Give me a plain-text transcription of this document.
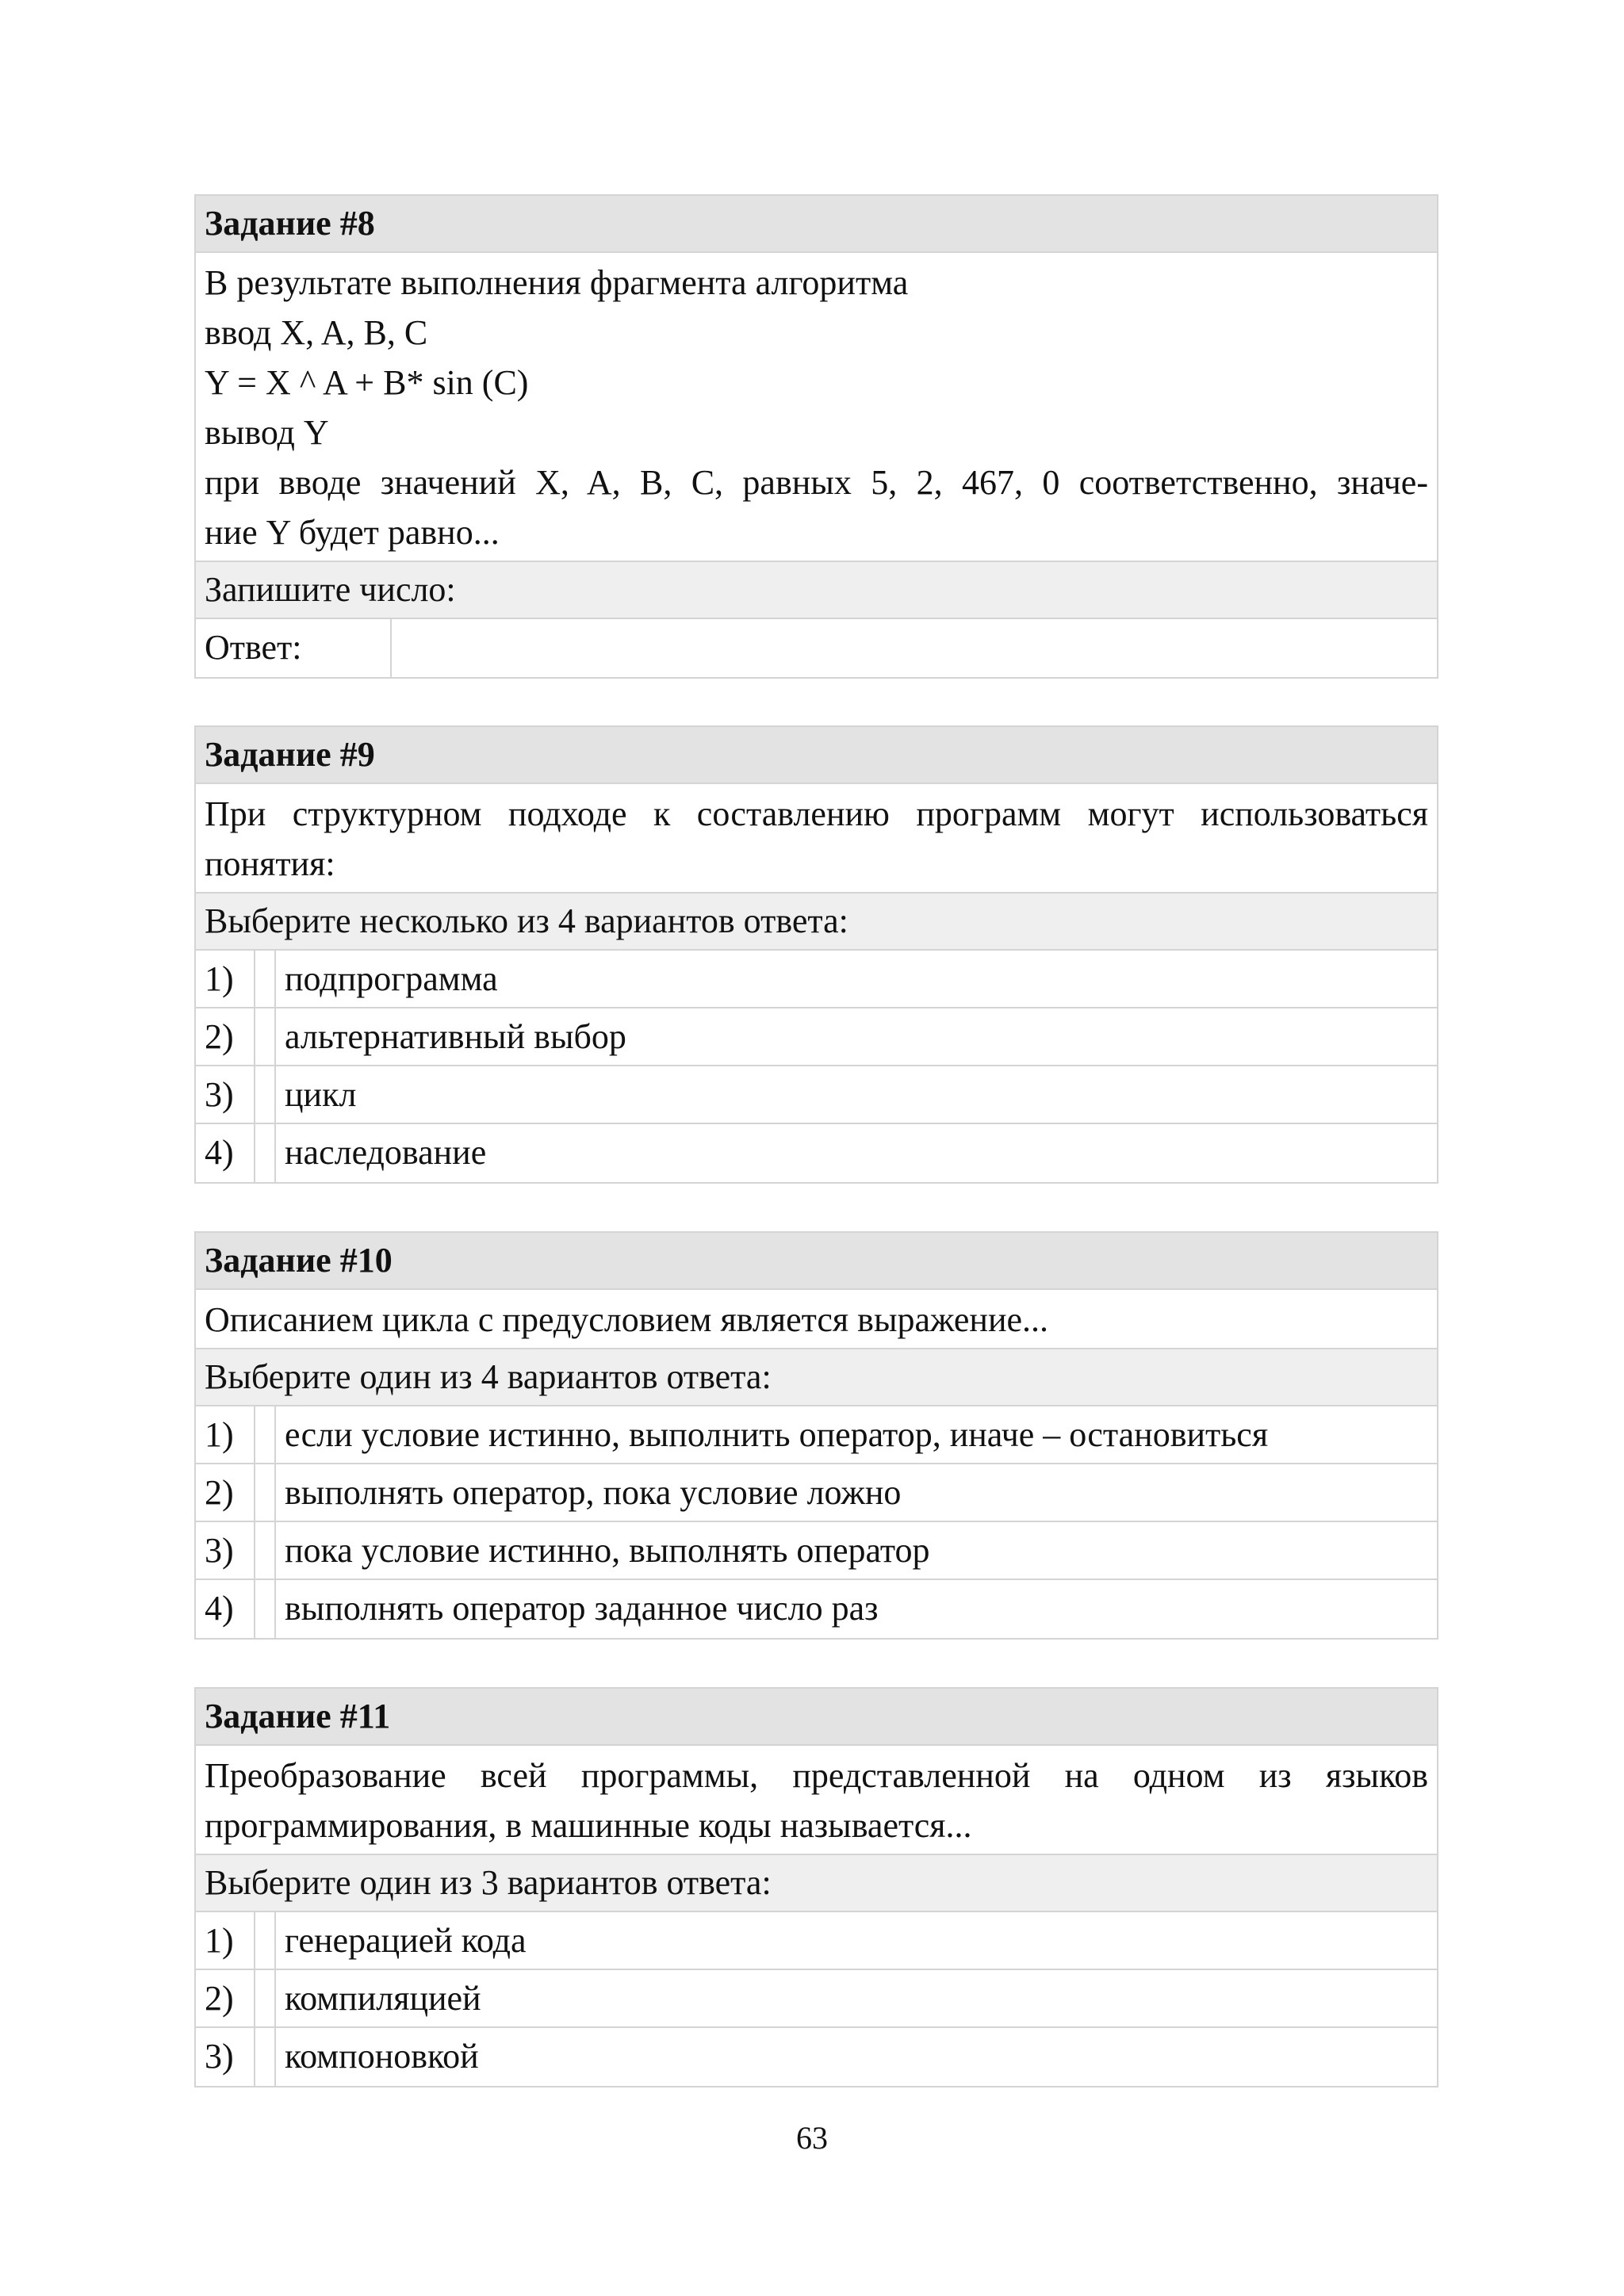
Задание #8
В результате выполнения фрагмента алгоритма
ввод X, A, B, C
Y = X ^ A + B* sin (C)
вывод Y
при вводе значений X, A, B, C, равных 5, 2, 467, 0 соответственно, значе-
ние Y будет равно...
Запишите число:
Ответ:
Задание #9
При структурном подходе к составлению программ могут использоваться
понятия:
Выберите несколько из 4 вариантов ответа:
1)	подпрограмма
2)	альтернативный выбор
3)	цикл
4)	наследование
Задание #10
Описанием цикла с предусловием является выражение...
Выберите один из 4 вариантов ответа:
1)	если условие истинно, выполнить оператор, иначе – остановиться
2)	выполнять оператор, пока условие ложно
3)	пока условие истинно, выполнять оператор
4)	выполнять оператор заданное число раз
Задание #11
Преобразование всей программы, представленной на одном из языков
программирования, в машинные коды называется...
Выберите один из 3 вариантов ответа:
1)	генерацией кода
2)	компиляцией
3)	компоновкой
63
